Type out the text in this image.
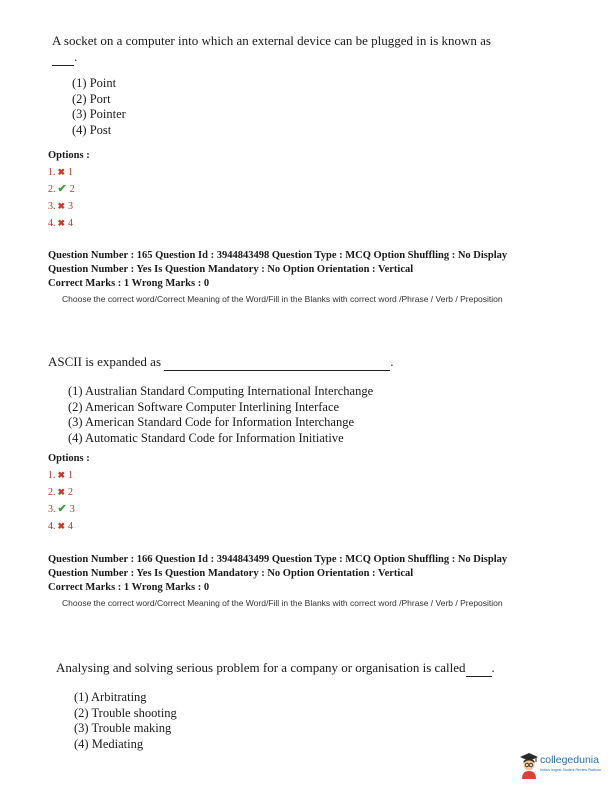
A socket on a computer into which an external device can be plugged in is known as
.
(1) Point
(2) Port
(3) Pointer
(4) Post
Options :
1. ✖ 1
2. ✔ 2
3. ✖ 3
4. ✖ 4
Question Number : 165 Question Id : 3944843498 Question Type : MCQ Option Shuffling : No Display
Question Number : Yes Is Question Mandatory : No Option Orientation : Vertical
Correct Marks : 1 Wrong Marks : 0
Choose the correct word/Correct Meaning of the Word/Fill in the Blanks with correct word /Phrase / Verb / Preposition
ASCII is expanded as	.
(1) Australian Standard Computing International Interchange
(2) American Software Computer Interlining Interface
(3) American Standard Code for Information Interchange
(4) Automatic Standard Code for Information Initiative
Options :
1. ✖ 1
2. ✖ 2
3. ✔ 3
4. ✖ 4
Question Number : 166 Question Id : 3944843499 Question Type : MCQ Option Shuffling : No Display
Question Number : Yes Is Question Mandatory : No Option Orientation : Vertical
Correct Marks : 1 Wrong Marks : 0
Choose the correct word/Correct Meaning of the Word/Fill in the Blanks with correct word /Phrase / Verb / Preposition
Analysing and solving serious problem for a company or organisation is called .
(1) Arbitrating
(2) Trouble shooting
(3) Trouble making
(4) Mediating
collegedunia
India's largest Student Review Platform
